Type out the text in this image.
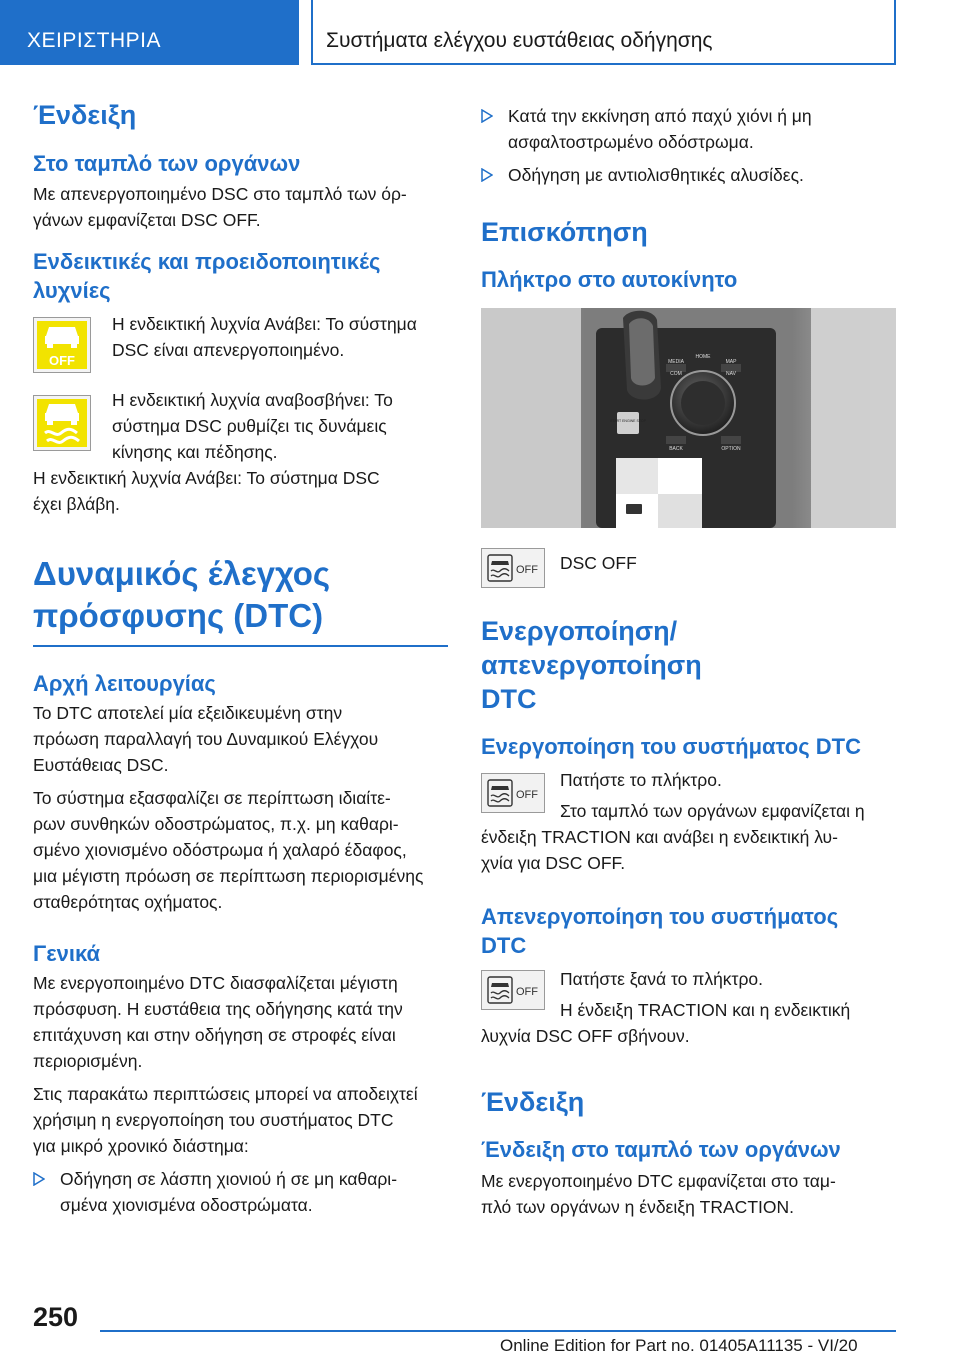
ΧΕΙΡΙΣΤΗΡΙΑ	Συστήματα ελέγχου ευστάθειας οδήγησης
Ένδειξη
Στο ταμπλό των οργάνων
Με απενεργοποιημένο DSC στο ταμπλό των όρ-
γάνων εμφανίζεται DSC OFF.
Ενδεικτικές και προειδοποιητικές
λυχνίες
OFF
Η ενδεικτική λυχνία Ανάβει: Το σύστημα
DSC είναι απενεργοποιημένο.
Η ενδεικτική λυχνία αναβοσβήνει: Το
σύστημα DSC ρυθμίζει τις δυνάμεις
κίνησης και πέδησης.
Η ενδεικτική λυχνία Ανάβει: Το σύστημα DSC
έχει βλάβη.
Δυναμικός έλεγχος
πρόσφυσης (DTC)
Αρχή λειτουργίας
Το DTC αποτελεί μία εξειδικευμένη στην
πρόωση παραλλαγή του Δυναμικού Ελέγχου
Ευστάθειας DSC.
Το σύστημα εξασφαλίζει σε περίπτωση ιδιαίτε-
ρων συνθηκών οδοστρώματος, π.χ. μη καθαρι-
σμένο χιονισμένο οδόστρωμα ή χαλαρό έδαφος,
μια μέγιστη πρόωση σε περίπτωση περιορισμένης
σταθερότητας οχήματος.
Γενικά
Με ενεργοποιημένο DTC διασφαλίζεται μέγιστη
πρόσφυση. Η ευστάθεια της οδήγησης κατά την
επιτάχυνση και στην οδήγηση σε στροφές είναι
περιορισμένη.
Στις παρακάτω περιπτώσεις μπορεί να αποδειχτεί
χρήσιμη η ενεργοποίηση του συστήματος DTC
για μικρό χρονικό διάστημα:
Οδήγηση σε λάσπη χιονιού ή σε μη καθαρι-
σμένα χιονισμένα οδοστρώματα.
Κατά την εκκίνηση από παχύ χιόνι ή μη
ασφαλτοστρωμένο οδόστρωμα.
Οδήγηση με αντιολισθητικές αλυσίδες.
Επισκόπηση
Πλήκτρο στο αυτοκίνητο
MEDIA
HOME
MAP
COM	NAV
BACK	OPTION
START ENGINE STOP
OFF DSC OFF
Ενεργοποίηση/απενεργοποίηση
DTC
Ενεργοποίηση του συστήματος DTC
OFF
Πατήστε το πλήκτρο.
Στο ταμπλό των οργάνων εμφανίζεται η
ένδειξη TRACTION και ανάβει η ενδεικτική λυ-
χνία για DSC OFF.
Απενεργοποίηση του συστήματος
DTC
OFF
Πατήστε ξανά το πλήκτρο.
Η ένδειξη TRACTION και η ενδεικτική
λυχνία DSC OFF σβήνουν.
Ένδειξη
Ένδειξη στο ταμπλό των οργάνων
Με ενεργοποιημένο DTC εμφανίζεται στο ταμ-
πλό των οργάνων η ένδειξη TRACTION.
250
Online Edition for Part no. 01405A11135 - VI/20
